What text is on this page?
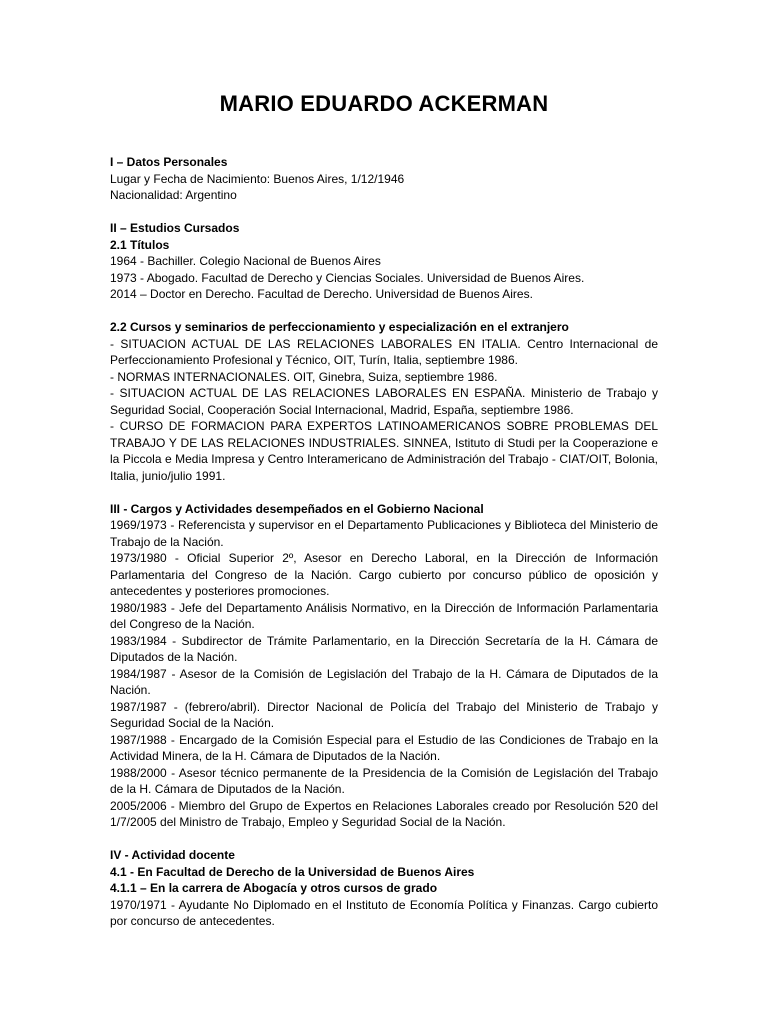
MARIO EDUARDO ACKERMAN
I – Datos Personales
Lugar y Fecha de Nacimiento: Buenos Aires, 1/12/1946
Nacionalidad: Argentino
II – Estudios Cursados
2.1 Títulos
1964 - Bachiller. Colegio Nacional de Buenos Aires
1973 - Abogado. Facultad de Derecho y Ciencias Sociales. Universidad de Buenos Aires.
2014 – Doctor en Derecho. Facultad de Derecho. Universidad de Buenos Aires.
2.2 Cursos y seminarios de perfeccionamiento y especialización en el extranjero
- SITUACION ACTUAL DE LAS RELACIONES LABORALES EN ITALIA. Centro Internacional de Perfeccionamiento Profesional y Técnico, OIT, Turín, Italia, septiembre 1986.
- NORMAS INTERNACIONALES. OIT, Ginebra, Suiza, septiembre 1986.
- SITUACION ACTUAL DE LAS RELACIONES LABORALES EN ESPAÑA. Ministerio de Trabajo y Seguridad Social, Cooperación Social Internacional, Madrid, España, septiembre 1986.
- CURSO DE FORMACION PARA EXPERTOS LATINOAMERICANOS SOBRE PROBLEMAS DEL TRABAJO Y DE LAS RELACIONES INDUSTRIALES. SINNEA, Istituto di Studi per la Cooperazione e la Piccola e Media Impresa y Centro Interamericano de Administración del Trabajo - CIAT/OIT, Bolonia, Italia, junio/julio 1991.
III - Cargos y Actividades desempeñados en el Gobierno Nacional
1969/1973 - Referencista y supervisor en el Departamento Publicaciones y Biblioteca del Ministerio de Trabajo de la Nación.
1973/1980 - Oficial Superior 2º, Asesor en Derecho Laboral, en la Dirección de Información Parlamentaria del Congreso de la Nación. Cargo cubierto por concurso público de oposición y antecedentes y posteriores promociones.
1980/1983 - Jefe del Departamento Análisis Normativo, en la Dirección de Información Parlamentaria del Congreso de la Nación.
1983/1984 - Subdirector de Trámite Parlamentario, en la Dirección Secretaría de la H. Cámara de Diputados de la Nación.
1984/1987 - Asesor de la Comisión de Legislación del Trabajo de la H. Cámara de Diputados de la Nación.
1987/1987 - (febrero/abril). Director Nacional de Policía del Trabajo del Ministerio de Trabajo y Seguridad Social de la Nación.
1987/1988 - Encargado de la Comisión Especial para el Estudio de las Condiciones de Trabajo en la Actividad Minera, de la H. Cámara de Diputados de la Nación.
1988/2000 - Asesor técnico permanente de la Presidencia de la Comisión de Legislación del Trabajo de la H. Cámara de Diputados de la Nación.
2005/2006 - Miembro del Grupo de Expertos en Relaciones Laborales creado por Resolución 520 del 1/7/2005 del Ministro de Trabajo, Empleo y Seguridad Social de la Nación.
IV - Actividad docente
4.1 - En Facultad de Derecho de la Universidad de Buenos Aires
4.1.1 – En la carrera de Abogacía y otros cursos de grado
1970/1971 - Ayudante No Diplomado en el Instituto de Economía Política y Finanzas. Cargo cubierto por concurso de antecedentes.
